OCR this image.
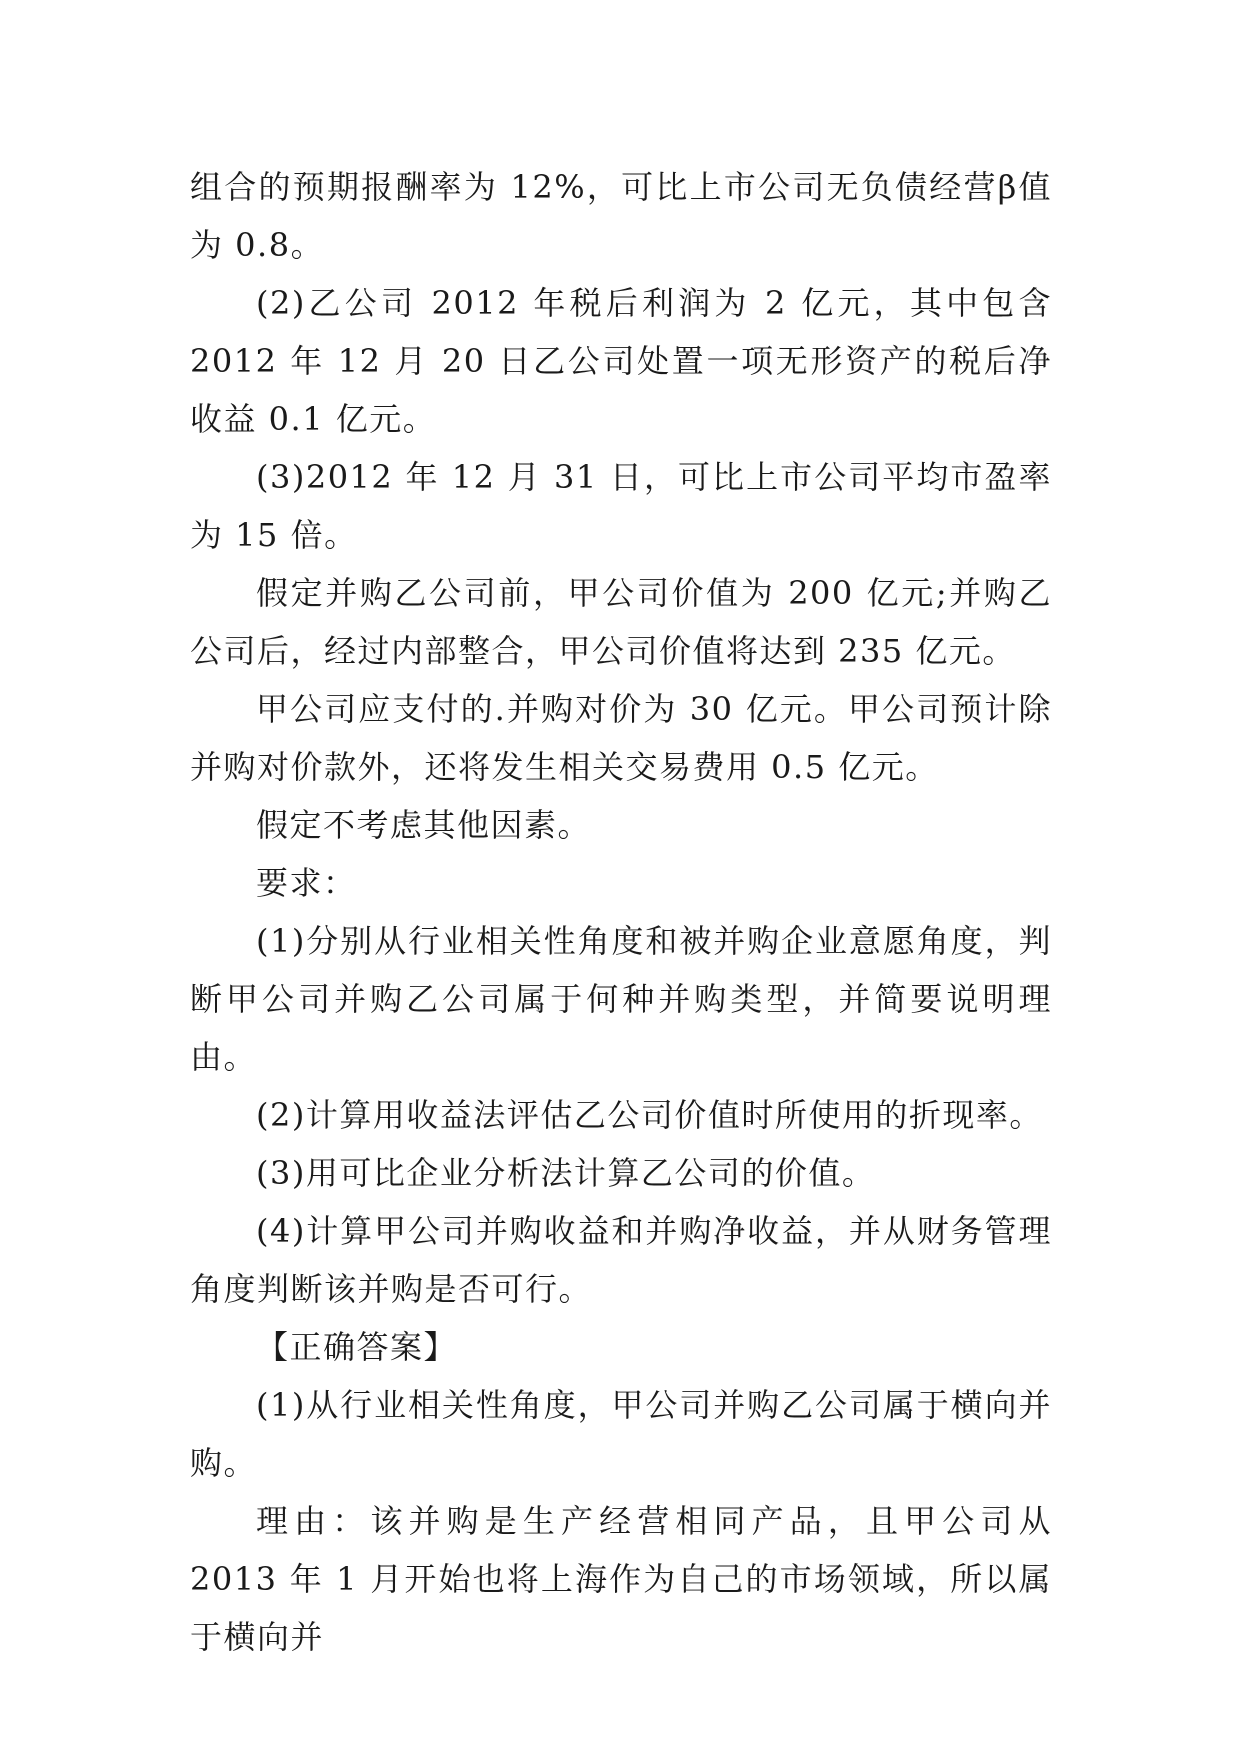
组合的预期报酬率为 12%，可比上市公司无负债经营β值为 0.8。

(2)乙公司 2012 年税后利润为 2 亿元，其中包含 2012 年 12 月 20 日乙公司处置一项无形资产的税后净收益 0.1 亿元。

(3)2012 年 12 月 31 日，可比上市公司平均市盈率为 15 倍。

假定并购乙公司前，甲公司价值为 200 亿元;并购乙公司后，经过内部整合，甲公司价值将达到 235 亿元。

甲公司应支付的.并购对价为 30 亿元。甲公司预计除并购对价款外，还将发生相关交易费用 0.5 亿元。

假定不考虑其他因素。

要求：

(1)分别从行业相关性角度和被并购企业意愿角度，判断甲公司并购乙公司属于何种并购类型，并简要说明理由。

(2)计算用收益法评估乙公司价值时所使用的折现率。

(3)用可比企业分析法计算乙公司的价值。

(4)计算甲公司并购收益和并购净收益，并从财务管理角度判断该并购是否可行。

【正确答案】

(1)从行业相关性角度，甲公司并购乙公司属于横向并购。

理由：该并购是生产经营相同产品，且甲公司从 2013 年 1 月开始也将上海作为自己的市场领域，所以属于横向并
